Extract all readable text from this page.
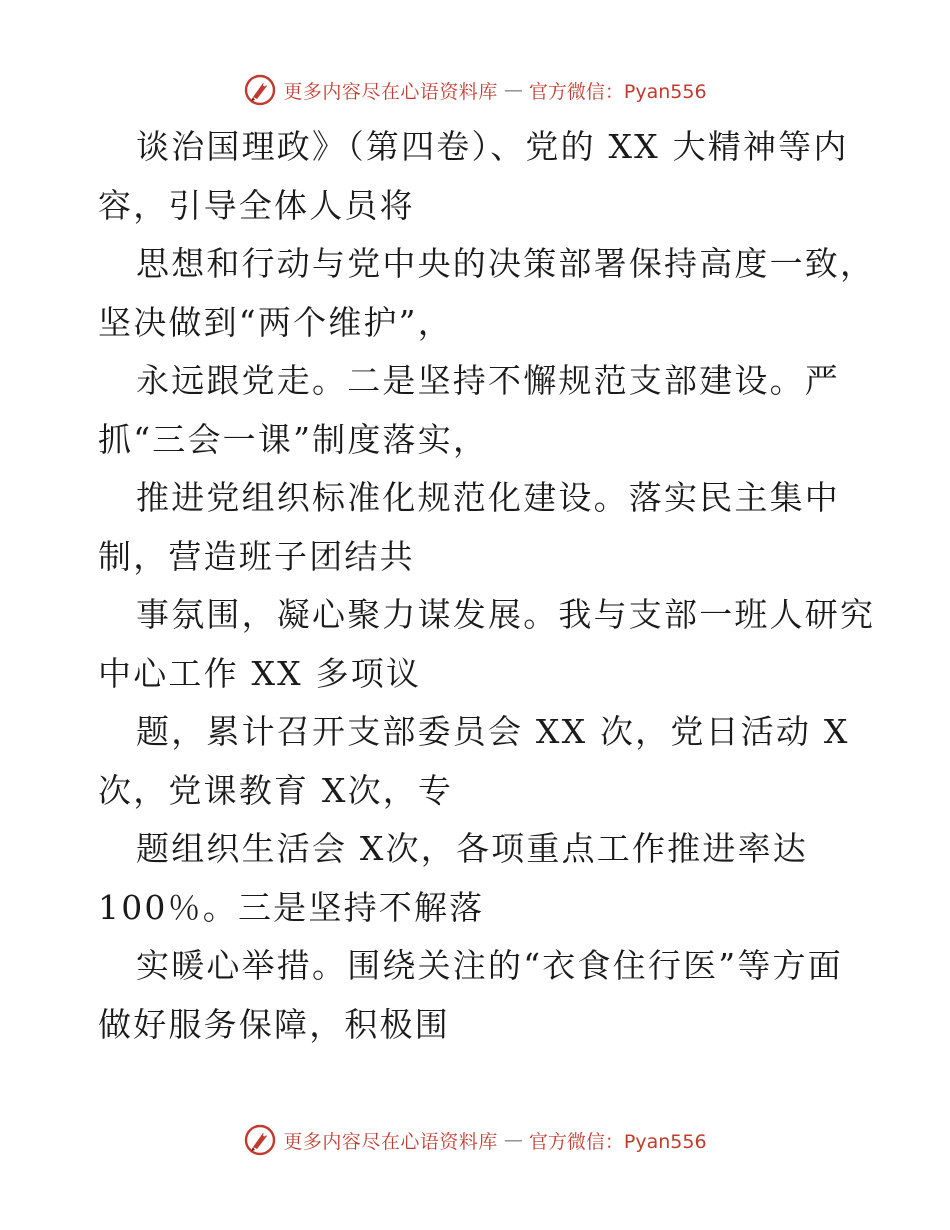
更多内容尽在心语资料库 — 官方微信：Pyan556

谈治国理政》（第四卷）、党的 XX 大精神等内
容，引导全体人员将

思想和行动与党中央的决策部署保持高度一致，
坚决做到“两个维护”，

永远跟党走。二是坚持不懈规范支部建设。严
抓“三会一课”制度落实，

推进党组织标准化规范化建设。落实民主集中
制，营造班子团结共

事氛围，凝心聚力谋发展。我与支部一班人研究
中心工作 XX 多项议

题，累计召开支部委员会 XX 次，党日活动 X
次，党课教育 X次，专

题组织生活会 X次，各项重点工作推进率达
100％。三是坚持不解落

实暖心举措。围绕关注的“衣食住行医”等方面
做好服务保障，积极围

更多内容尽在心语资料库 — 官方微信：Pyan556
